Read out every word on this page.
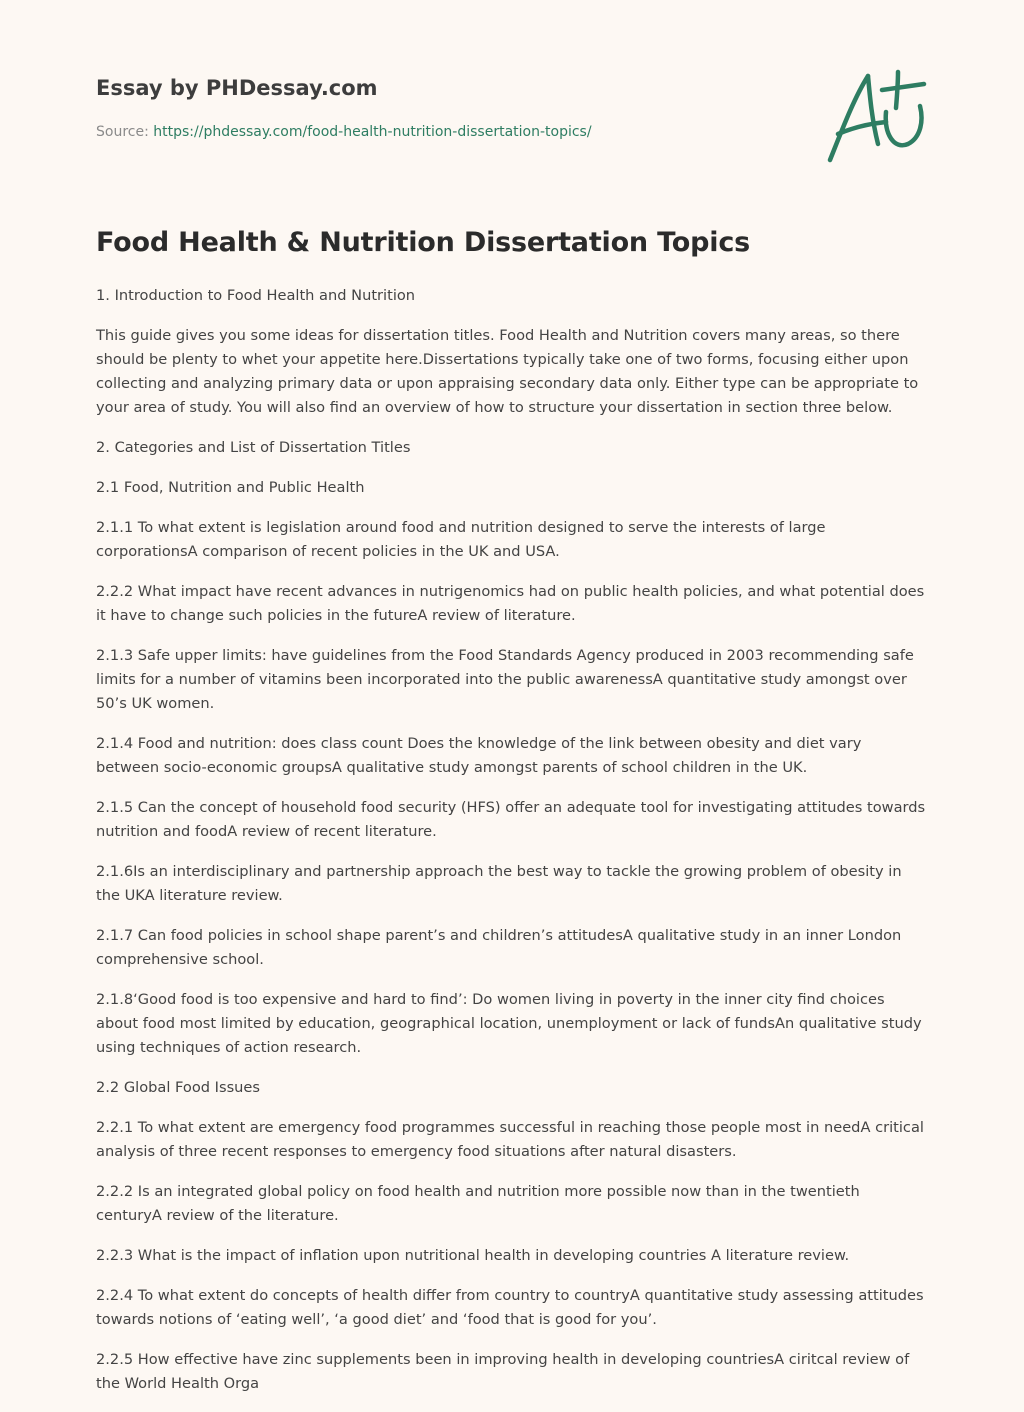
Essay by PHDessay.com

Source: https://phdessay.com/food-health-nutrition-dissertation-topics/

Food Health & Nutrition Dissertation Topics

1. Introduction to Food Health and Nutrition

This guide gives you some ideas for dissertation titles. Food Health and Nutrition covers many areas, so there should be plenty to whet your appetite here.Dissertations typically take one of two forms, focusing either upon collecting and analyzing primary data or upon appraising secondary data only. Either type can be appropriate to your area of study. You will also find an overview of how to structure your dissertation in section three below.

2. Categories and List of Dissertation Titles

2.1 Food, Nutrition and Public Health

2.1.1 To what extent is legislation around food and nutrition designed to serve the interests of large corporationsA comparison of recent policies in the UK and USA.

2.2.2 What impact have recent advances in nutrigenomics had on public health policies, and what potential does it have to change such policies in the futureA review of literature.

2.1.3 Safe upper limits: have guidelines from the Food Standards Agency produced in 2003 recommending safe limits for a number of vitamins been incorporated into the public awarenessA quantitative study amongst over 50’s UK women.

2.1.4 Food and nutrition: does class count Does the knowledge of the link between obesity and diet vary between socio-economic groupsA qualitative study amongst parents of school children in the UK.

2.1.5 Can the concept of household food security (HFS) offer an adequate tool for investigating attitudes towards nutrition and foodA review of recent literature.

2.1.6Is an interdisciplinary and partnership approach the best way to tackle the growing problem of obesity in the UKA literature review.

2.1.7 Can food policies in school shape parent’s and children’s attitudesA qualitative study in an inner London comprehensive school.

2.1.8‘Good food is too expensive and hard to find’: Do women living in poverty in the inner city find choices about food most limited by education, geographical location, unemployment or lack of fundsAn qualitative study using techniques of action research.

2.2 Global Food Issues

2.2.1 To what extent are emergency food programmes successful in reaching those people most in needA critical analysis of three recent responses to emergency food situations after natural disasters.

2.2.2 Is an integrated global policy on food health and nutrition more possible now than in the twentieth centuryA review of the literature.

2.2.3 What is the impact of inflation upon nutritional health in developing countries A literature review.

2.2.4 To what extent do concepts of health differ from country to countryA quantitative study assessing attitudes towards notions of ‘eating well’, ‘a good diet’ and ‘food that is good for you’.

2.2.5 How effective have zinc supplements been in improving health in developing countriesA ciritcal review of the World Health Orga
